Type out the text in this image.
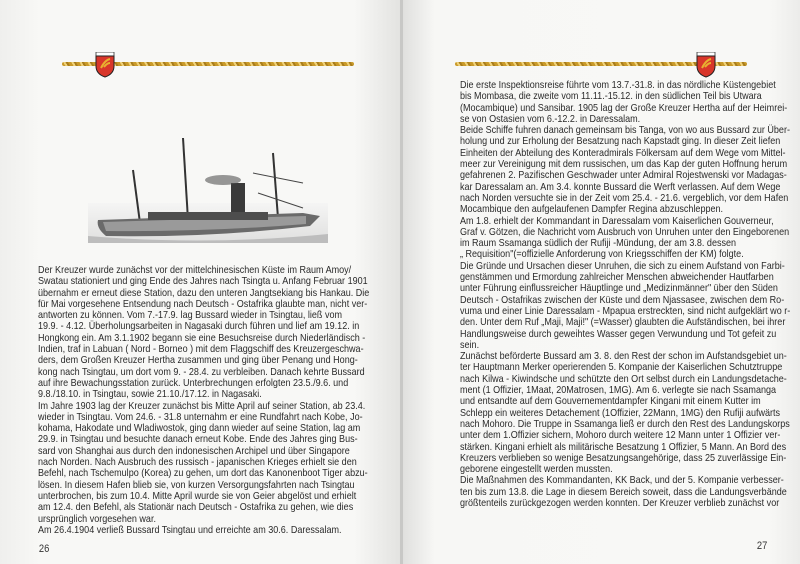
Der Kreuzer wurde zunächst vor der mittelchinesischen Küste im Raum Amoy/
Swatau stationiert und ging Ende des Jahres nach Tsingta u. Anfang Februar 1901
übernahm er erneut diese Station, dazu den unteren Jangtsekiang bis Hankau. Die
für Mai vorgesehene Entsendung nach Deutsch - Ostafrika glaubte man, nicht ver-
antworten zu können. Vom 7.-17.9. lag Bussard wieder in Tsingtau, ließ vom
19.9. - 4.12. Überholungsarbeiten in Nagasaki durch führen und lief am 19.12. in
Hongkong ein. Am 3.1.1902 begann sie eine Besuchsreise durch Niederländisch -
Indien, traf in Labuan ( Nord - Borneo ) mit dem Flaggschiff des Kreuzergeschwa-
ders, dem Großen Kreuzer Hertha zusammen und ging über Penang und Hong-
kong nach Tsingtau, um dort vom 9. - 28.4. zu verbleiben. Danach kehrte Bussard
auf ihre Bewachungsstation zurück. Unterbrechungen erfolgten 23.5./9.6. und
9.8./18.10. in Tsingtau, sowie 21.10./17.12. in Nagasaki.
Im Jahre 1903 lag der Kreuzer zunächst bis Mitte April auf seiner Station, ab 23.4.
wieder in Tsingtau. Vom 24.6. - 31.8 unternahm er eine Rundfahrt nach Kobe, Jo-
kohama, Hakodate und Wladiwostok, ging dann wieder auf seine Station, lag am
29.9. in Tsingtau und besuchte danach erneut Kobe. Ende des Jahres ging Bus-
sard von Shanghai aus durch den indonesischen Archipel und über Singapore
nach Norden. Nach Ausbruch des russisch - japanischen Krieges erhielt sie den
Befehl, nach Tschemulpo (Korea) zu gehen, um dort das Kanonenboot Tiger abzu-
lösen. In diesem Hafen blieb sie, von kurzen Versorgungsfahrten nach Tsingtau
unterbrochen, bis zum 10.4. Mitte April wurde sie von Geier abgelöst und erhielt
am 12.4. den Befehl, als Stationär nach Deutsch - Ostafrika zu gehen, wie dies
ursprünglich vorgesehen war.
Am 26.4.1904 verließ Bussard Tsingtau und erreichte am 30.6. Daressalam.
26
Die erste Inspektionsreise führte vom 13.7.-31.8. in das nördliche Küstengebiet
bis Mombasa, die zweite vom 11.11.-15.12. in den südlichen Teil bis Utwara
(Mocambique) und Sansibar. 1905 lag der Große Kreuzer Hertha auf der Heimrei-
se von Ostasien vom 6.-12.2. in Daressalam.
Beide Schiffe fuhren danach gemeinsam bis Tanga, von wo aus Bussard zur Über-
holung und zur Erholung der Besatzung nach Kapstadt ging. In dieser Zeit liefen
Einheiten der Abteilung des Konteradmirals Fölkersam auf dem Wege vom Mittel-
meer zur Vereinigung mit dem russischen, um das Kap der guten Hoffnung herum
gefahrenen 2. Pazifischen Geschwader unter Admiral Rojestwenski vor Madagas-
kar Daressalam an. Am 3.4. konnte Bussard die Werft verlassen. Auf dem Wege
nach Norden versuchte sie in der Zeit vom 25.4. - 21.6. vergeblich, vor dem Hafen
Mocambique den aufgelaufenen Dampfer Regina abzuschleppen.
Am 1.8. erhielt der Kommandant in Daressalam vom Kaiserlichen Gouverneur,
Graf v. Götzen, die Nachricht vom Ausbruch von Unruhen unter den Eingeborenen
im Raum Ssamanga südlich der Rufiji -Mündung, der am 3.8. dessen
„ Requisition"(=offizielle Anforderung von Kriegsschiffen der KM) folgte.
Die Gründe und Ursachen dieser Unruhen, die sich zu einem Aufstand von Farbi-
genstämmen und Ermordung zahlreicher Menschen abweichender Hautfarben
unter Führung einflussreicher Häuptlinge und „Medizinmänner" über den Süden
Deutsch - Ostafrikas zwischen der Küste und dem Njassasee, zwischen dem Ro-
vuma und einer Linie Daressalam - Mpapua erstreckten, sind nicht aufgeklärt wo r-
den. Unter dem Ruf „Maji, Maji!" (=Wasser) glaubten die Aufständischen, bei ihrer
Handlungsweise durch geweihtes Wasser gegen Verwundung und Tot gefeit zu
sein.
Zunächst beförderte Bussard am 3. 8. den Rest der schon im Aufstandsgebiet un-
ter Hauptmann Merker operierenden 5. Kompanie der Kaiserlichen Schutztruppe
nach Kilwa - Kiwindsche und schützte den Ort selbst durch ein Landungsdetache-
ment (1 Offizier, 1Maat, 20Matrosen, 1MG). Am 6. verlegte sie nach Ssamanga
und entsandte auf dem Gouvernementdampfer Kingani mit einem Kutter im
Schlepp ein weiteres Detachement (1Offizier, 22Mann, 1MG) den Rufiji aufwärts
nach Mohoro. Die Truppe in Ssamanga ließ er durch den Rest des Landungskorps
unter dem 1.Offizier sichern, Mohoro durch weitere 12 Mann unter 1 Offizier ver-
stärken. Kingani erhielt als militärische Besatzung 1 Offizier, 5 Mann. An Bord des
Kreuzers verblieben so wenige Besatzungsangehörige, dass 25 zuverlässige Ein-
geborene eingestellt werden mussten.
Die Maßnahmen des Kommandanten, KK Back, und der 5. Kompanie verbesser-
ten bis zum 13.8. die Lage in diesem Bereich soweit, dass die Landungsverbände
größtenteils zurückgezogen werden konnten. Der Kreuzer verblieb zunächst vor
27
